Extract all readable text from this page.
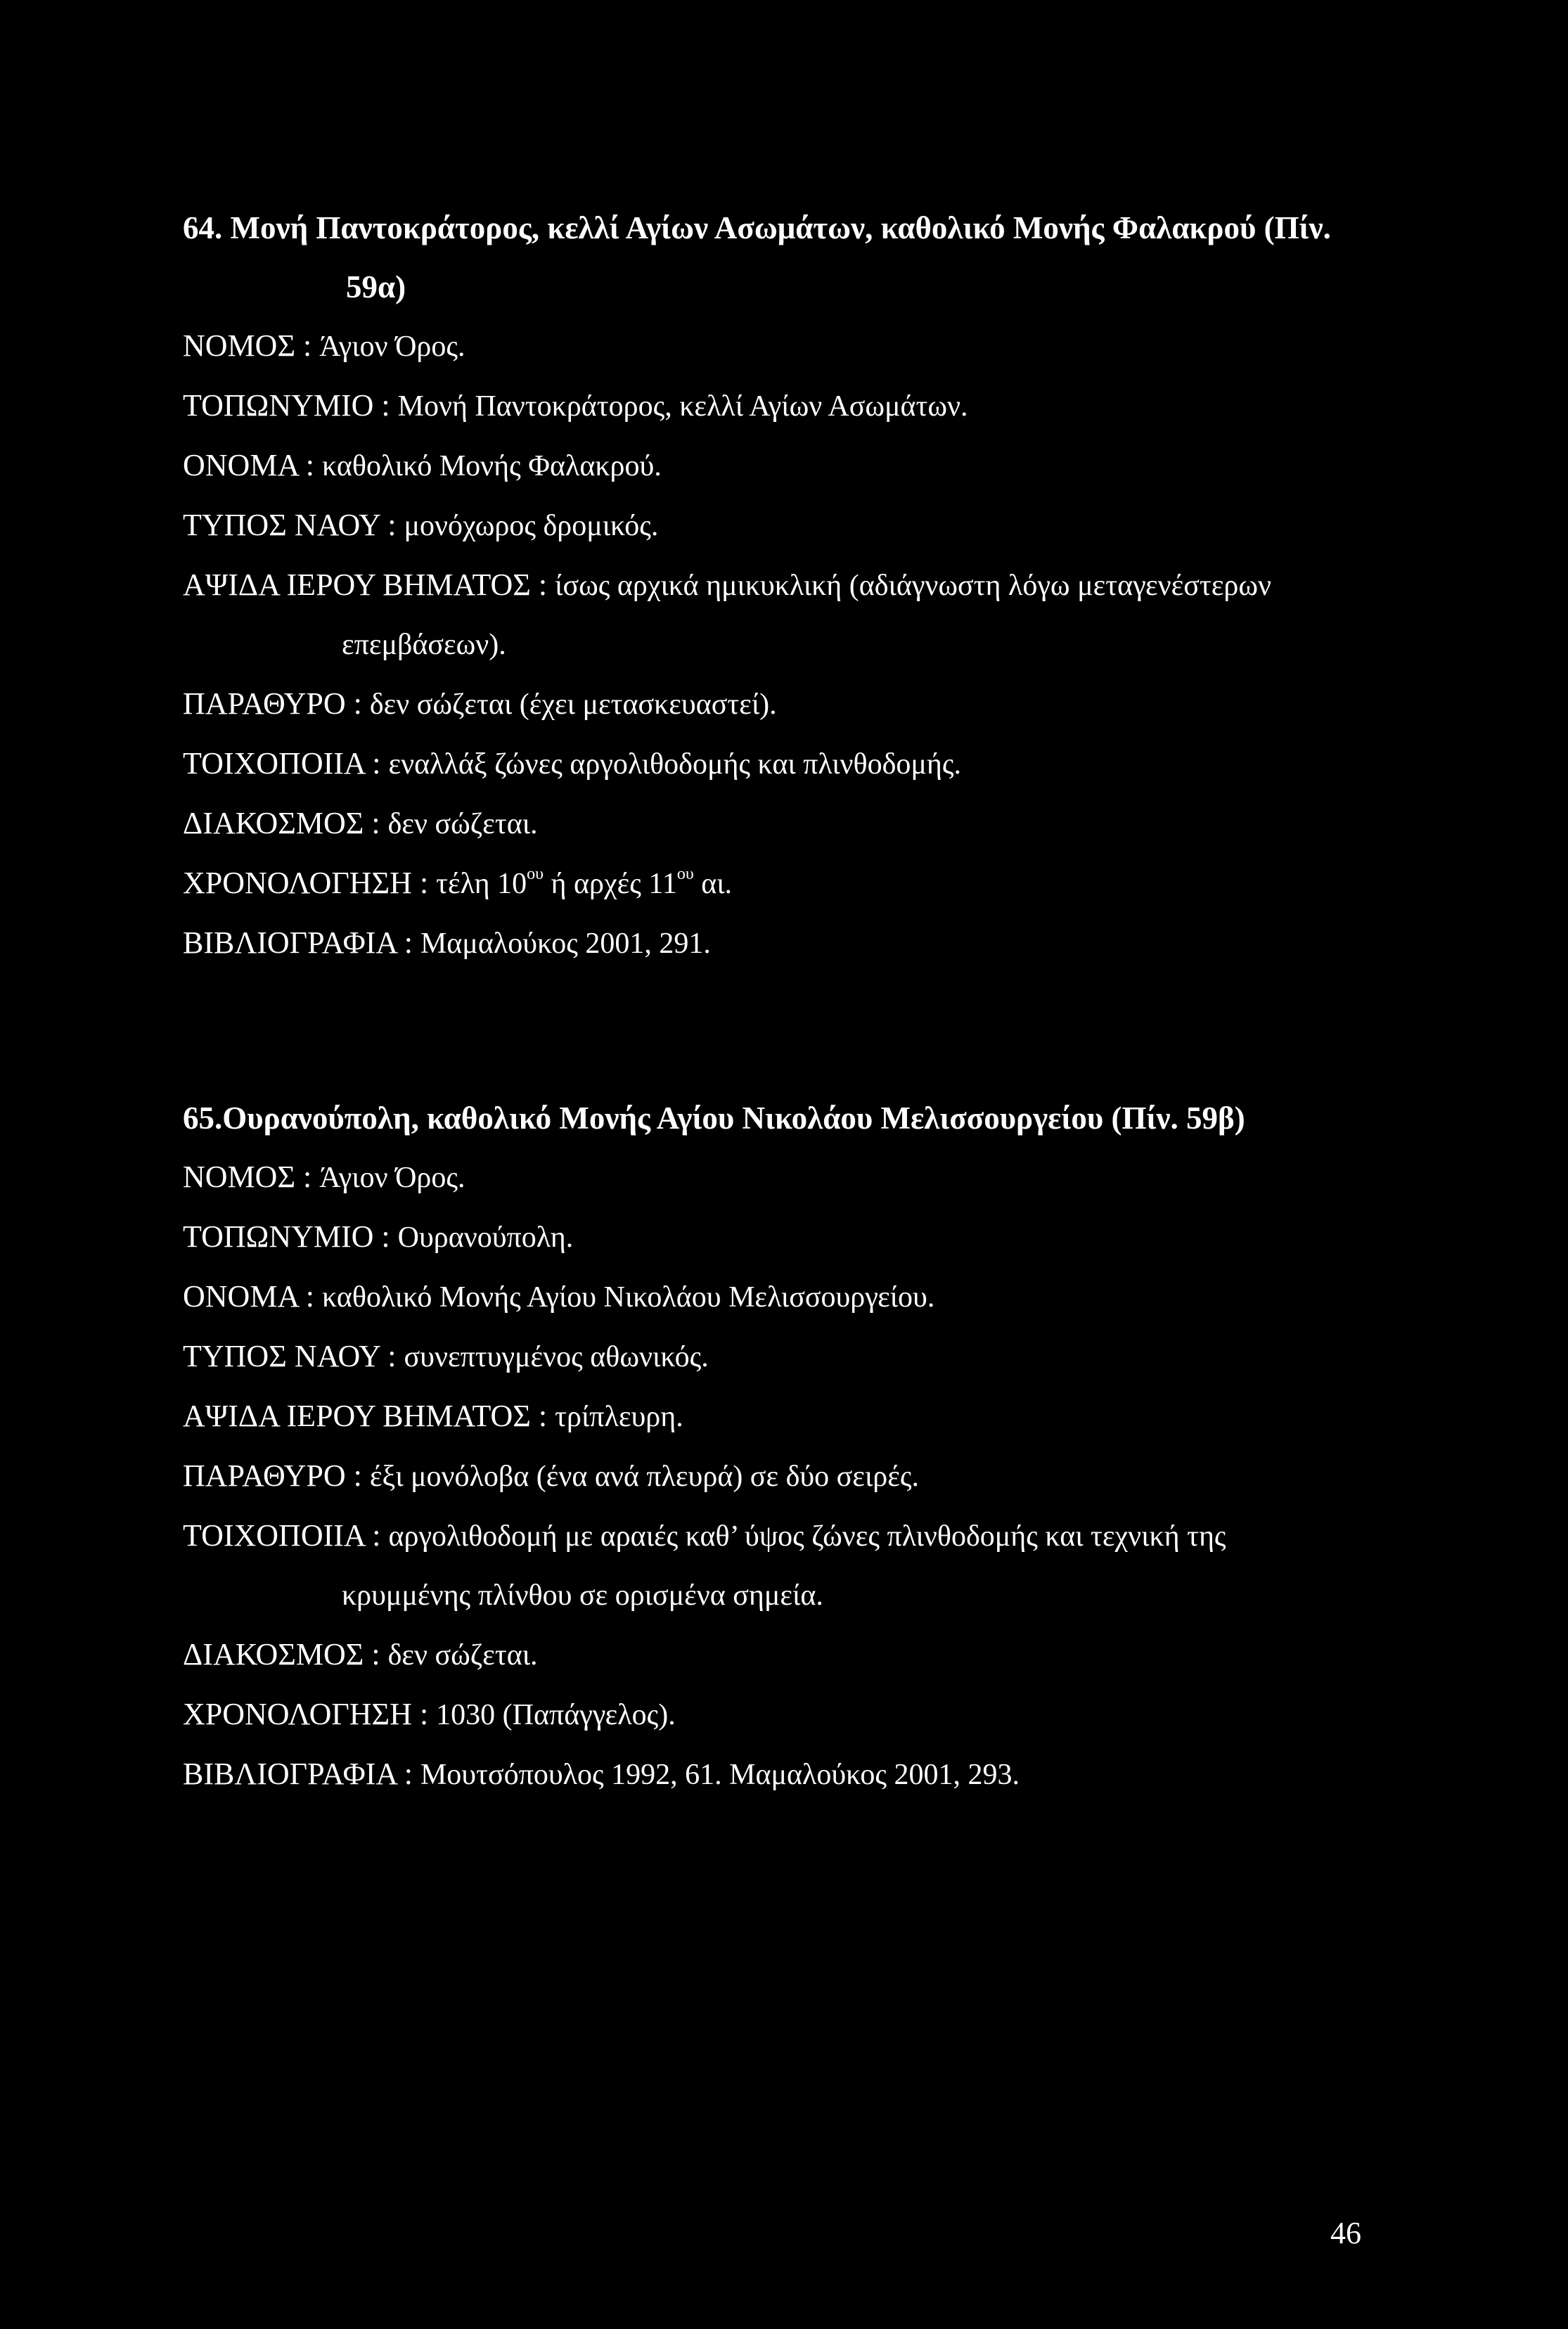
64. Μονή Παντοκράτορος, κελλί Αγίων Ασωμάτων, καθολικό Μονής Φαλακρού (Πίν.

59α)

ΝΟΜΟΣ : Άγιον Όρος.

ΤΟΠΩΝΥΜΙΟ : Μονή Παντοκράτορος, κελλί Αγίων Ασωμάτων.

ΟΝΟΜΑ : καθολικό Μονής Φαλακρού.

ΤΥΠΟΣ ΝΑΟΥ : μονόχωρος δρομικός.

ΑΨΙΔΑ ΙΕΡΟΥ ΒΗΜΑΤΟΣ : ίσως αρχικά ημικυκλική (αδιάγνωστη λόγω μεταγενέστερων

επεμβάσεων).

ΠΑΡΑΘΥΡΟ : δεν σώζεται (έχει μετασκευαστεί).

ΤΟΙΧΟΠΟΙΙΑ : εναλλάξ ζώνες αργολιθοδομής και πλινθοδομής.

ΔΙΑΚΟΣΜΟΣ : δεν σώζεται.

ΧΡΟΝΟΛΟΓΗΣΗ : τέλη $10^{o\upsilon}$ ή αρχές $11^{o\upsilon}$ αι.

ΒΙΒΛΙΟΓΡΑΦΙΑ : Μαμαλούκος 2001, 291.

65.Ουρανούπολη, καθολικό Μονής Αγίου Νικολάου Μελισσουργείου (Πίν. 59β)

ΝΟΜΟΣ : Άγιον Όρος.

ΤΟΠΩΝΥΜΙΟ : Ουρανούπολη.

ΟΝΟΜΑ : καθολικό Μονής Αγίου Νικολάου Μελισσουργείου.

ΤΥΠΟΣ ΝΑΟΥ : συνεπτυγμένος αθωνικός.

ΑΨΙΔΑ ΙΕΡΟΥ ΒΗΜΑΤΟΣ : τρίπλευρη.

ΠΑΡΑΘΥΡΟ : έξι μονόλοβα (ένα ανά πλευρά) σε δύο σειρές.

ΤΟΙΧΟΠΟΙΙΑ : αργολιθοδομή με αραιές καθ’ ύψος ζώνες πλινθοδομής και τεχνική της

κρυμμένης πλίνθου σε ορισμένα σημεία.

ΔΙΑΚΟΣΜΟΣ : δεν σώζεται.

ΧΡΟΝΟΛΟΓΗΣΗ : 1030 (Παπάγγελος).

ΒΙΒΛΙΟΓΡΑΦΙΑ : Μουτσόπουλος 1992, 61. Μαμαλούκος 2001, 293.

46
